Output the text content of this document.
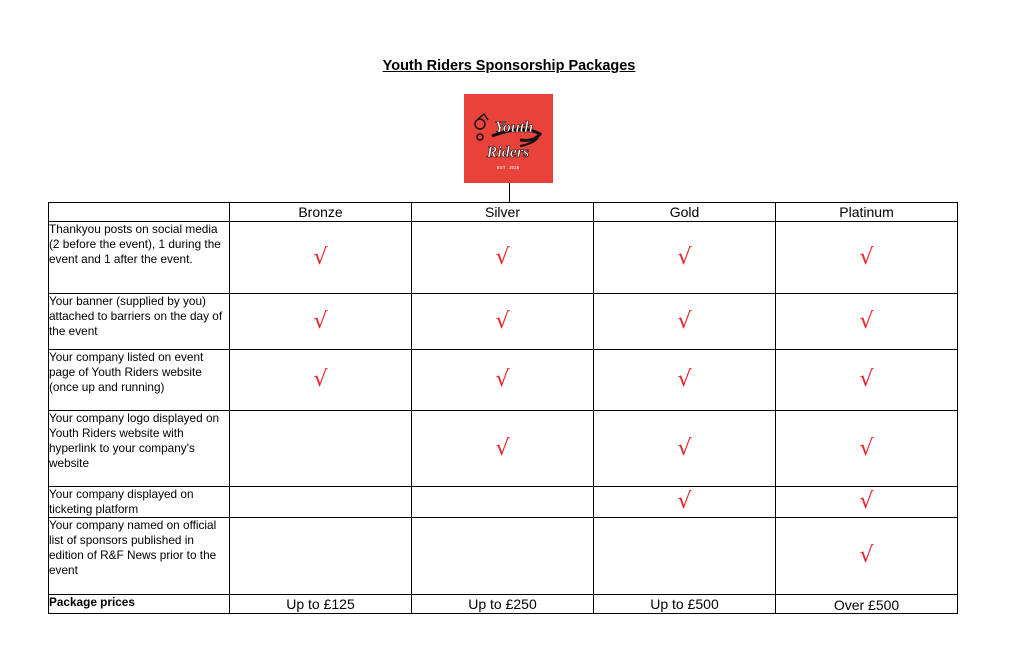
Youth Riders Sponsorship Packages
Youth
Riders
EST . 2025
	Bronze	Silver	Gold	Platinum
Thankyou posts on social media (2 before the event), 1 during the event and 1 after the event.	√	√	√	√
Your banner (supplied by you) attached to barriers on the day of the event	√	√	√	√
Your company listed on event page of Youth Riders website (once up and running)	√	√	√	√
Your company logo displayed on Youth Riders website with hyperlink to your company's website		√	√	√
Your company displayed on ticketing platform			√	√
Your company named on official list of sponsors published in edition of R&F News prior to the event				√
Package prices	Up to £125	Up to £250	Up to £500	Over £500
